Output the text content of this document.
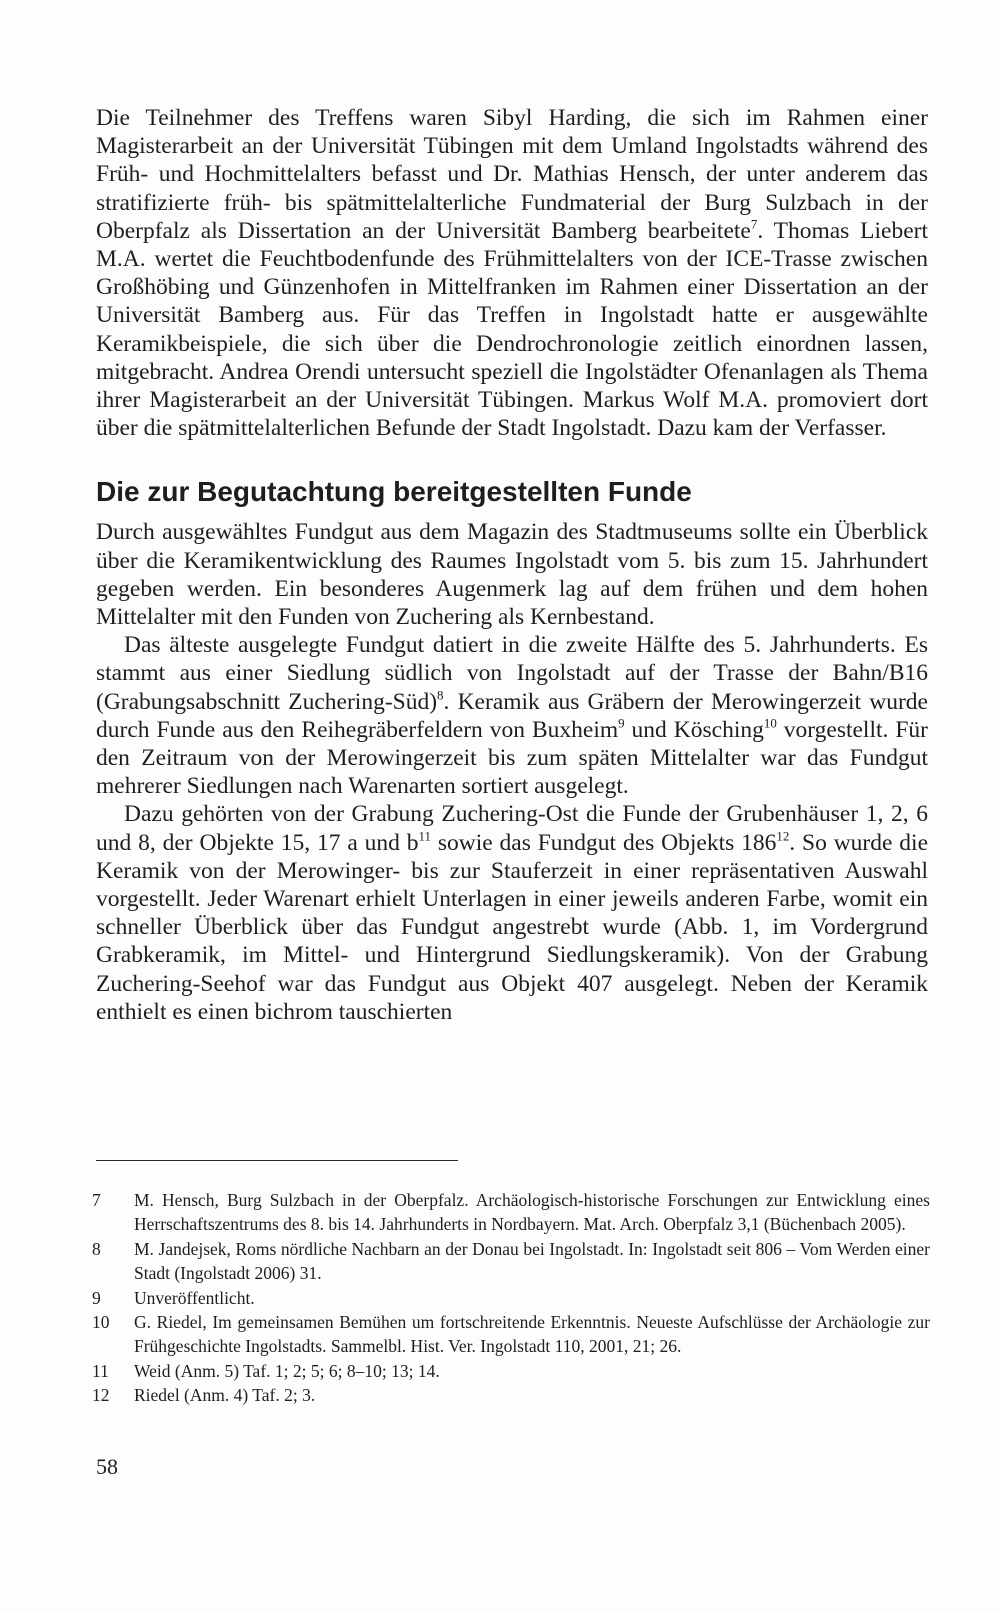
Die Teilnehmer des Treffens waren Sibyl Harding, die sich im Rahmen einer Magisterarbeit an der Universität Tübingen mit dem Umland Ingolstadts während des Früh- und Hochmittelalters befasst und Dr. Mathias Hensch, der unter anderem das stratifizierte früh- bis spätmittelalterliche Fundmaterial der Burg Sulzbach in der Oberpfalz als Dissertation an der Universität Bamberg bearbeitete$^7$. Thomas Liebert M.A. wertet die Feuchtbodenfunde des Frühmittelalters von der ICE-Trasse zwischen Großhöbing und Günzenhofen in Mittelfranken im Rahmen einer Dissertation an der Universität Bamberg aus. Für das Treffen in Ingolstadt hatte er ausgewählte Keramikbeispiele, die sich über die Dendrochronologie zeitlich einordnen lassen, mitgebracht. Andrea Orendi untersucht speziell die Ingolstädter Ofenanlagen als Thema ihrer Magisterarbeit an der Universität Tübingen. Markus Wolf M.A. promoviert dort über die spätmittelalterlichen Befunde der Stadt Ingolstadt. Dazu kam der Verfasser.

Die zur Begutachtung bereitgestellten Funde

Durch ausgewähltes Fundgut aus dem Magazin des Stadtmuseums sollte ein Überblick über die Keramikentwicklung des Raumes Ingolstadt vom 5. bis zum 15. Jahrhundert gegeben werden. Ein besonderes Augenmerk lag auf dem frühen und dem hohen Mittelalter mit den Funden von Zuchering als Kernbestand.

Das älteste ausgelegte Fundgut datiert in die zweite Hälfte des 5. Jahrhunderts. Es stammt aus einer Siedlung südlich von Ingolstadt auf der Trasse der Bahn/B16 (Grabungsabschnitt Zuchering-Süd)$^8$. Keramik aus Gräbern der Merowingerzeit wurde durch Funde aus den Reihegräberfeldern von Buxheim$^9$ und Kösching$^{10}$ vorgestellt. Für den Zeitraum von der Merowingerzeit bis zum späten Mittelalter war das Fundgut mehrerer Siedlungen nach Warenarten sortiert ausgelegt.

Dazu gehörten von der Grabung Zuchering-Ost die Funde der Grubenhäuser 1, 2, 6 und 8, der Objekte 15, 17 a und $b^{11}$ sowie das Fundgut des Objekts $186^{12}$. So wurde die Keramik von der Merowinger- bis zur Stauferzeit in einer repräsentativen Auswahl vorgestellt. Jeder Warenart erhielt Unterlagen in einer jeweils anderen Farbe, womit ein schneller Überblick über das Fundgut angestrebt wurde (Abb. 1, im Vordergrund Grabkeramik, im Mittel- und Hintergrund Siedlungskeramik). Von der Grabung Zuchering-Seehof war das Fundgut aus Objekt 407 ausgelegt. Neben der Keramik enthielt es einen bichrom tauschierten

7	M. Hensch, Burg Sulzbach in der Oberpfalz. Archäologisch-historische Forschungen zur Entwicklung eines Herrschaftszentrums des 8. bis 14. Jahrhunderts in Nordbayern. Mat. Arch. Oberpfalz 3,1 (Büchenbach 2005).
8	M. Jandejsek, Roms nördliche Nachbarn an der Donau bei Ingolstadt. In: Ingolstadt seit 806 – Vom Werden einer Stadt (Ingolstadt 2006) 31.
9	Unveröffentlicht.
10	G. Riedel, Im gemeinsamen Bemühen um fortschreitende Erkenntnis. Neueste Aufschlüsse der Archäologie zur Frühgeschichte Ingolstadts. Sammelbl. Hist. Ver. Ingolstadt 110, 2001, 21; 26.
11	Weid (Anm. 5) Taf. 1; 2; 5; 6; 8–10; 13; 14.
12	Riedel (Anm. 4) Taf. 2; 3.
58
